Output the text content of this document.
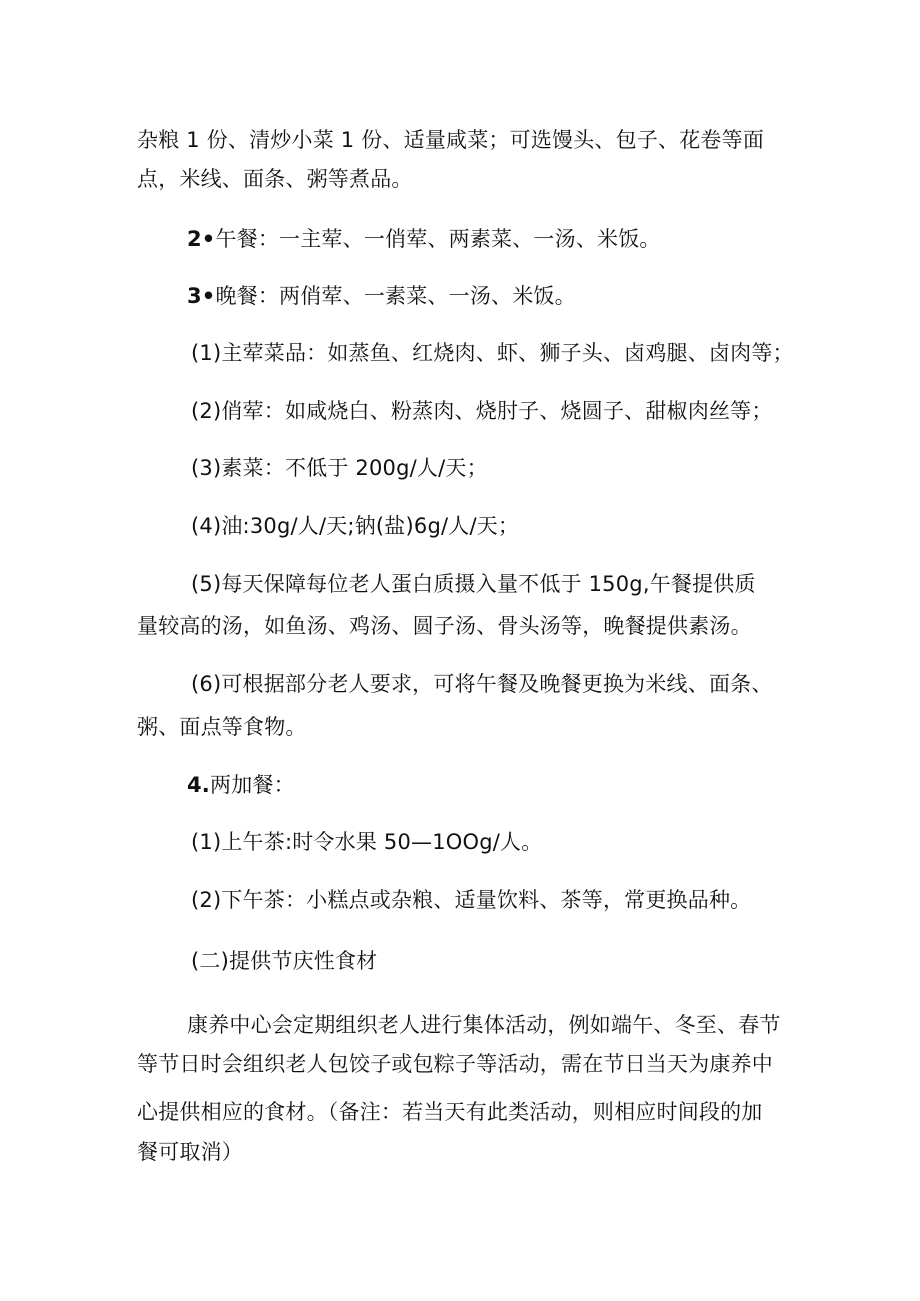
杂粮 1 份、清炒小菜 1 份、适量咸菜；可选馒头、包子、花卷等面
点，米线、面条、粥等煮品。
2•午餐：一主荤、一俏荤、两素菜、一汤、米饭。
3•晚餐：两俏荤、一素菜、一汤、米饭。
(1)主荤菜品：如蒸鱼、红烧肉、虾、狮子头、卤鸡腿、卤肉等；
(2)俏荤：如咸烧白、粉蒸肉、烧肘子、烧圆子、甜椒肉丝等；
(3)素菜：不低于 200g/人/天；
(4)油:30g/人/天;钠(盐)6g/人/天；
(5)每天保障每位老人蛋白质摄入量不低于 150g,午餐提供质
量较高的汤，如鱼汤、鸡汤、圆子汤、骨头汤等，晚餐提供素汤。
(6)可根据部分老人要求，可将午餐及晚餐更换为米线、面条、
粥、面点等食物。
4.两加餐：
(1)上午茶:时令水果 50—1OOg/人。
(2)下午茶：小糕点或杂粮、适量饮料、茶等，常更换品种。
(二)提供节庆性食材
康养中心会定期组织老人进行集体活动，例如端午、冬至、春节
等节日时会组织老人包饺子或包粽子等活动，需在节日当天为康养中
心提供相应的食材。（备注：若当天有此类活动，则相应时间段的加
餐可取消）
